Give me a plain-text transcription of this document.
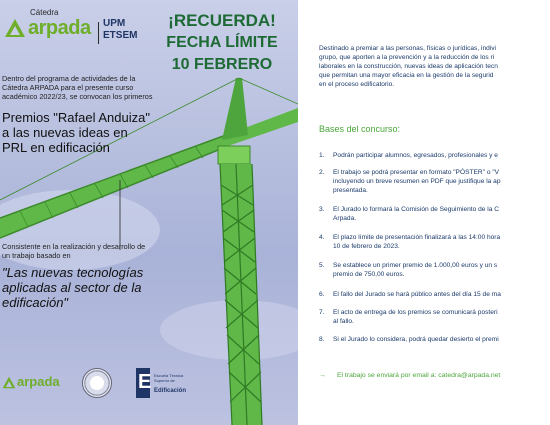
Cátedra
arpada UPM
ETSEM
¡RECUERDA!
FECHA LÍMITE
10 FEBRERO
Dentro del programa de actividades de la
Cátedra ARPADA para el presente curso
académico 2022/23, se convocan los primeros
Premios "Rafael Anduiza"
a las nuevas ideas en
PRL en edificación
Consistente en la realización y desarrollo de
un trabajo basado en
"Las nuevas tecnologías
aplicadas al sector de la
edificación"
arpada	E Escuela Técnica
Superior de
Edificación
Destinado a premiar a las personas, físicas o jurídicas, indivi
grupo, que aporten a la prevención y a la reducción de los ri
laborales en la construcción, nuevas ideas de aplicación tecn
que permitan una mayor eficacia en la gestión de la segurid
en el proceso edificatorio.
Bases del concurso:
1. Podrán participar alumnos, egresados, profesionales y e
2. El trabajo se podrá presentar en formato "PÓSTER" o "V
incluyendo un breve resumen en PDF que justifique la ap
presentada.
3. El Jurado lo formará la Comisión de Seguimiento de la C
Arpada.
4. El plazo límite de presentación finalizará a las 14:00 hora
10 de febrero de 2023.
5. Se establece un primer premio de 1.000,00 euros y un s
premio de 750,00 euros.
6. El fallo del Jurado se hará público antes del día 15 de ma
7. El acto de entrega de los premios se comunicará posteri
al fallo.
8. Si el Jurado lo considera, podrá quedar desierto el premi
→ El trabajo se enviará por email a: catedra@arpada.net
